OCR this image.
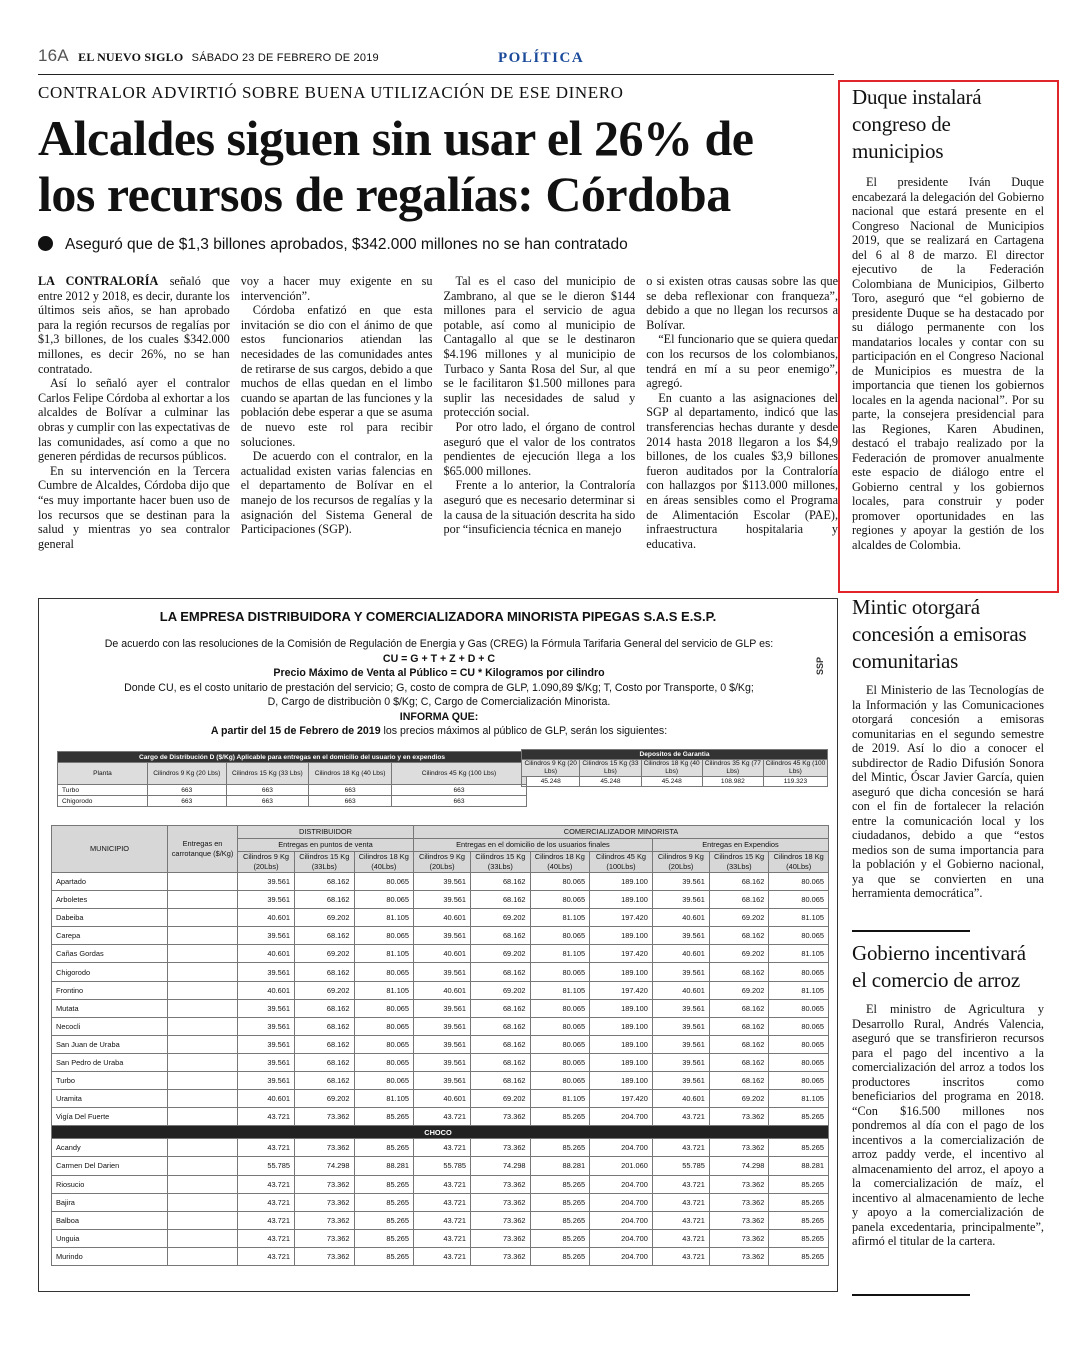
16A EL NUEVO SIGLO SÁBADO 23 DE FEBRERO DE 2019	POLÍTICA
CONTRALOR ADVIRTIÓ SOBRE BUENA UTILIZACIÓN DE ESE DINERO
Alcaldes siguen sin usar el 26% de
los recursos de regalías: Córdoba
Aseguró que de $1,3 billones aprobados, $342.000 millones no se han contratado

LA CONTRALORÍA señaló que entre 2012 y 2018, es decir, durante los últimos seis años, se han aprobado para la región recursos de regalías por $1,3 billones, de los cuales $342.000 millones, es decir 26%, no se han contratado.

Así lo señaló ayer el contralor Carlos Felipe Córdoba al exhortar a los alcaldes de Bolívar a culminar las obras y cumplir con las expectativas de las comunidades, así como a que no generen pérdidas de recursos públicos.

En su intervención en la Tercera Cumbre de Alcaldes, Córdoba dijo que “es muy importante hacer buen uso de los recursos que se destinan para la salud y mientras yo sea contralor general

voy a hacer muy exigente en su intervención”.

Córdoba enfatizó en que esta invitación se dio con el ánimo de que estos funcionarios atiendan las necesidades de las comunidades antes de retirarse de sus cargos, debido a que muchos de ellas quedan en el limbo cuando se apartan de las funciones y la población debe esperar a que se asuma de nuevo este rol para recibir soluciones.

De acuerdo con el contralor, en la actualidad existen varias falencias en el departamento de Bolívar en el manejo de los recursos de regalías y la asignación del Sistema General de Participaciones (SGP).

Tal es el caso del municipio de Zambrano, al que se le dieron $144 millones para el servicio de agua potable, así como al municipio de Cantagallo al que se le destinaron $4.196 millones y al municipio de Turbaco y Santa Rosa del Sur, al que se le facilitaron $1.500 millones para suplir las necesidades de salud y protección social.

Por otro lado, el órgano de control aseguró que el valor de los contratos pendientes de ejecución llega a los $65.000 millones.

Frente a lo anterior, la Contraloría aseguró que es necesario determinar si la causa de la situación descrita ha sido por “insuficiencia técnica en manejo

o si existen otras causas sobre las que se deba reflexionar con franqueza”, debido a que no llegan los recursos a Bolívar.

“El funcionario que se quiera quedar con los recursos de los colombianos, tendrá en mí a su peor enemigo”, agregó.

En cuanto a las asignaciones del SGP al departamento, indicó que las transferencias hechas durante y desde 2014 hasta 2018 llegaron a los $4,9 billones, de los cuales $3,9 billones fueron auditados por la Contraloría con hallazgos por $113.000 millones, en áreas sensibles como el Programa de Alimentación Escolar (PAE), infraestructura hospitalaria y educativa.

LA EMPRESA DISTRIBUIDORA Y COMERCIALIZADORA MINORISTA PIPEGAS S.A.S E.S.P.
De acuerdo con las resoluciones de la Comisión de Regulación de Energia y Gas (CREG) la Fórmula Tarifaria General del servicio de GLP es:
CU = G + T + Z + D + C
Precio Máximo de Venta al Público = CU * Kilogramos por cilindro
Donde CU, es el costo unitario de prestación del servicio; G, costo de compra de GLP, 1.090,89 $/Kg; T, Costo por Transporte, 0 $/Kg;
D, Cargo de distribuciòn 0 $/Kg; C, Cargo de Comercialización Minorista.
INFORMA QUE:
A partir del 15 de Febrero de 2019 los precios máximos al público de GLP, serán los siguientes:
SSP
Cargo de Distribución D ($/Kg) Aplicable para entregas en el domicilio del usuario y en expendios				
Planta	Cilindros 9 Kg (20 Lbs)	Cilindros 15 Kg (33 Lbs)	Cilindros 18 Kg (40 Lbs)	Cilindros 45 Kg (100 Lbs)
Turbo	663	663	663	663
Chigorodo	663	663	663	663
Depositos de Garantia				
Cilindros 9 Kg (20 Lbs)	Cilindros 15 Kg (33 Lbs)	Cilindros 18 Kg (40 Lbs)	Cilindros 35 Kg (77 Lbs)	Cilindros 45 Kg (100 Lbs)
45.248	45.248	45.248	108.982	119.323
MUNICIPIO	Entregas en carrotanque ($/Kg)	DISTRIBUIDOR			COMERCIALIZADOR MINORISTA						
		Entregas en puntos de venta			Entregas en el domicilio de los usuarios finales				Entregas en Expendios		
		Cilindros 9 Kg (20Lbs)	Cilindros 15 Kg (33Lbs)	Cilindros 18 Kg (40Lbs)	Cilindros 9 Kg (20Lbs)	Cilindros 15 Kg (33Lbs)	Cilindros 18 Kg (40Lbs)	Cilindros 45 Kg (100Lbs)	Cilindros 9 Kg (20Lbs)	Cilindros 15 Kg (33Lbs)	Cilindros 18 Kg (40Lbs)
Apartado		39.561	68.162	80.065	39.561	68.162	80.065	189.100	39.561	68.162	80.065
Arboletes		39.561	68.162	80.065	39.561	68.162	80.065	189.100	39.561	68.162	80.065
Dabeiba		40.601	69.202	81.105	40.601	69.202	81.105	197.420	40.601	69.202	81.105
Carepa		39.561	68.162	80.065	39.561	68.162	80.065	189.100	39.561	68.162	80.065
Cañas Gordas		40.601	69.202	81.105	40.601	69.202	81.105	197.420	40.601	69.202	81.105
Chigorodo		39.561	68.162	80.065	39.561	68.162	80.065	189.100	39.561	68.162	80.065
Frontino		40.601	69.202	81.105	40.601	69.202	81.105	197.420	40.601	69.202	81.105
Mutata		39.561	68.162	80.065	39.561	68.162	80.065	189.100	39.561	68.162	80.065
Necocli		39.561	68.162	80.065	39.561	68.162	80.065	189.100	39.561	68.162	80.065
San Juan de Uraba		39.561	68.162	80.065	39.561	68.162	80.065	189.100	39.561	68.162	80.065
San Pedro de Uraba		39.561	68.162	80.065	39.561	68.162	80.065	189.100	39.561	68.162	80.065
Turbo		39.561	68.162	80.065	39.561	68.162	80.065	189.100	39.561	68.162	80.065
Uramita		40.601	69.202	81.105	40.601	69.202	81.105	197.420	40.601	69.202	81.105
Vigía Del Fuerte		43.721	73.362	85.265	43.721	73.362	85.265	204.700	43.721	73.362	85.265
CHOCO											
Acandy		43.721	73.362	85.265	43.721	73.362	85.265	204.700	43.721	73.362	85.265
Carmen Del Darien		55.785	74.298	88.281	55.785	74.298	88.281	201.060	55.785	74.298	88.281
Riosucio		43.721	73.362	85.265	43.721	73.362	85.265	204.700	43.721	73.362	85.265
Bajira		43.721	73.362	85.265	43.721	73.362	85.265	204.700	43.721	73.362	85.265
Balboa		43.721	73.362	85.265	43.721	73.362	85.265	204.700	43.721	73.362	85.265
Unguia		43.721	73.362	85.265	43.721	73.362	85.265	204.700	43.721	73.362	85.265
Murindo		43.721	73.362	85.265	43.721	73.362	85.265	204.700	43.721	73.362	85.265
Duque instalará congreso de municipios

El presidente Iván Duque encabezará la delegación del Gobierno nacional que estará presente en el Congreso Nacional de Municipios 2019, que se realizará en Cartagena del 6 al 8 de marzo. El director ejecutivo de la Federación Colombiana de Municipios, Gilberto Toro, aseguró que “el gobierno de presidente Duque se ha destacado por su diálogo permanente con los mandatarios locales y contar con su participación en el Congreso Nacional de Municipios es muestra de la importancia que tienen los gobiernos locales en la agenda nacional”. Por su parte, la consejera presidencial para las Regiones, Karen Abudinen, destacó el trabajo realizado por la Federación de promover anualmente este espacio de diálogo entre el Gobierno central y los gobiernos locales, para construir y poder promover oportunidades en las regiones y apoyar la gestión de los alcaldes de Colombia.

Mintic otorgará concesión a emisoras comunitarias

El Ministerio de las Tecnologías de la Información y las Comunicaciones otorgará concesión a emisoras comunitarias en el segundo semestre de 2019. Así lo dio a conocer el subdirector de Radio Difusión Sonora del Mintic, Óscar Javier García, quien aseguró que dicha concesión se hará con el fin de fortalecer la relación entre la comunicación local y los ciudadanos, debido a que “estos medios son de suma importancia para la población y el Gobierno nacional, ya que se convierten en una herramienta democrática”.

Gobierno incentivará el comercio de arroz

El ministro de Agricultura y Desarrollo Rural, Andrés Valencia, aseguró que se transfirieron recursos para el pago del incentivo a la comercialización del arroz a todos los productores inscritos como beneficiarios del programa en 2018. “Con $16.500 millones nos pondremos al día con el pago de los incentivos a la comercialización de arroz paddy verde, el incentivo al almacenamiento del arroz, el apoyo a la comercialización de maíz, el incentivo al almacenamiento de leche y apoyo a la comercialización de panela excedentaria, principalmente”, afirmó el titular de la cartera.
